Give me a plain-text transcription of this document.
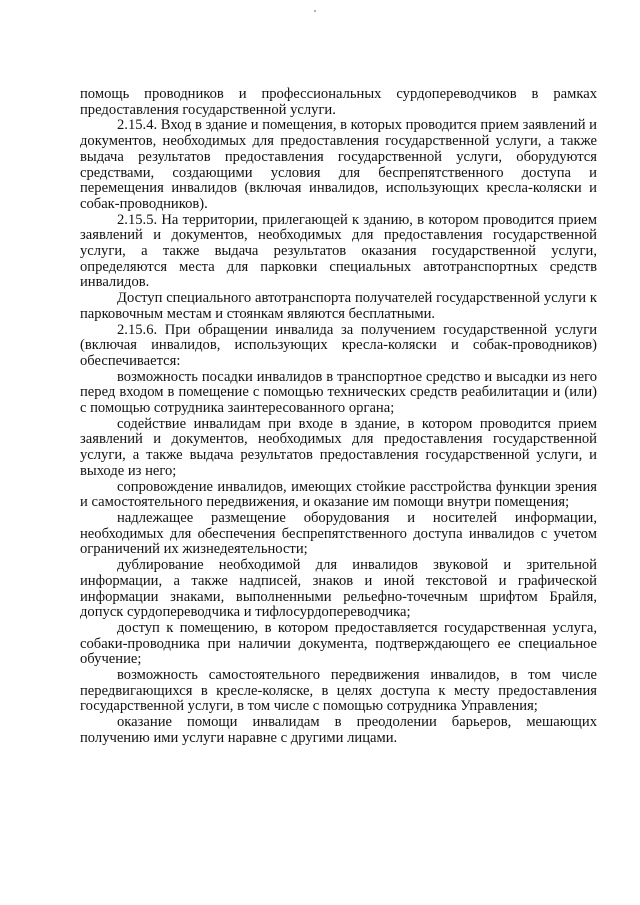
помощь проводников и профессиональных сурдопереводчиков в рамках предоставления государственной услуги.

2.15.4. Вход в здание и помещения, в которых проводится прием заявлений и документов, необходимых для предоставления государственной услуги, а также выдача результатов предоставления государственной услуги, оборудуются средствами, создающими условия для беспрепятственного доступа и перемещения инвалидов (включая инвалидов, использующих кресла-коляски и собак-проводников).

2.15.5. На территории, прилегающей к зданию, в котором проводится прием заявлений и документов, необходимых для предоставления государственной услуги, а также выдача результатов оказания государственной услуги, определяются места для парковки специальных автотранспортных средств инвалидов.

Доступ специального автотранспорта получателей государственной услуги к парковочным местам и стоянкам являются бесплатными.

2.15.6. При обращении инвалида за получением государственной услуги (включая инвалидов, использующих кресла-коляски и собак-проводников) обеспечивается:

возможность посадки инвалидов в транспортное средство и высадки из него перед входом в помещение с помощью технических средств реабилитации и (или) с помощью сотрудника заинтересованного органа;

содействие инвалидам при входе в здание, в котором проводится прием заявлений и документов, необходимых для предоставления государственной услуги, а также выдача результатов предоставления государственной услуги, и выходе из него;

сопровождение инвалидов, имеющих стойкие расстройства функции зрения и самостоятельного передвижения, и оказание им помощи внутри помещения;

надлежащее размещение оборудования и носителей информации, необходимых для обеспечения беспрепятственного доступа инвалидов с учетом ограничений их жизнедеятельности;

дублирование необходимой для инвалидов звуковой и зрительной информации, а также надписей, знаков и иной текстовой и графической информации знаками, выполненными рельефно-точечным шрифтом Брайля, допуск сурдопереводчика и тифлосурдопереводчика;

доступ к помещению, в котором предоставляется государственная услуга, собаки-проводника при наличии документа, подтверждающего ее специальное обучение;

возможность самостоятельного передвижения инвалидов, в том числе передвигающихся в кресле-коляске, в целях доступа к месту предоставления государственной услуги, в том числе с помощью сотрудника Управления;

оказание помощи инвалидам в преодолении барьеров, мешающих получению ими услуги наравне с другими лицами.
